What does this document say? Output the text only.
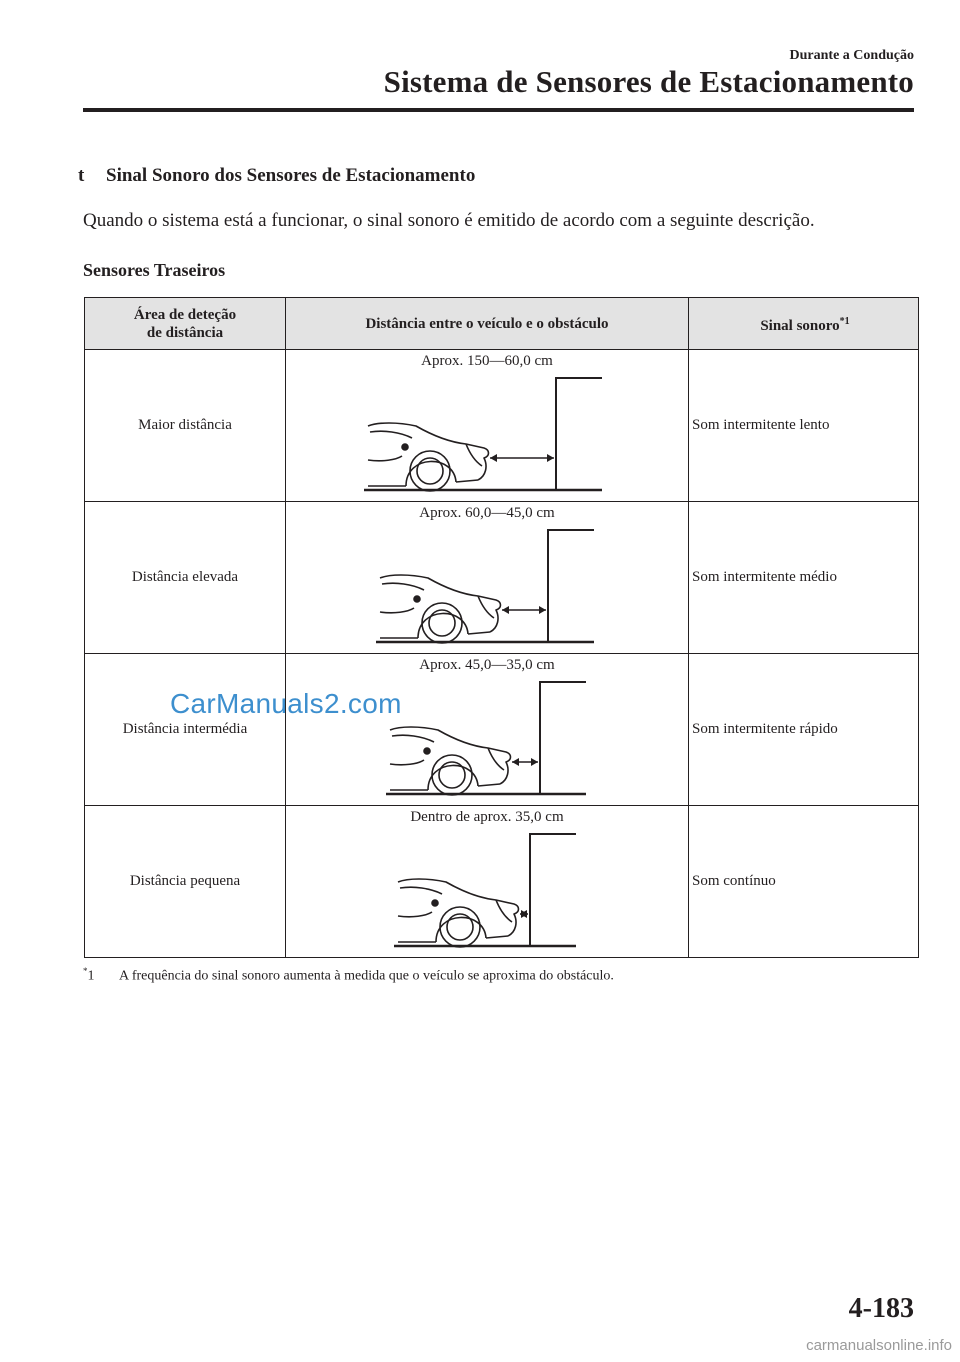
Durante a Condução
Sistema de Sensores de Estacionamento
t Sinal Sonoro dos Sensores de Estacionamento
Quando o sistema está a funcionar, o sinal sonoro é emitido de acordo com a seguinte descrição.
Sensores Traseiros
Área de deteção
de distância	Distância entre o veículo e o obstáculo	Sinal sonoro$^{*1}$
Maior distância	Aprox. 150—60,0 cm	Som intermitente lento
Distância elevada	Aprox. 60,0—45,0 cm	Som intermitente médio
Distância intermédia	Aprox. 45,0—35,0 cm	Som intermitente rápido
Distância pequena	Dentro de aprox. 35,0 cm	Som contínuo
*1 A frequência do sinal sonoro aumenta à medida que o veículo se aproxima do obstáculo.
CarManuals2.com
4-183
carmanualsonline.info
